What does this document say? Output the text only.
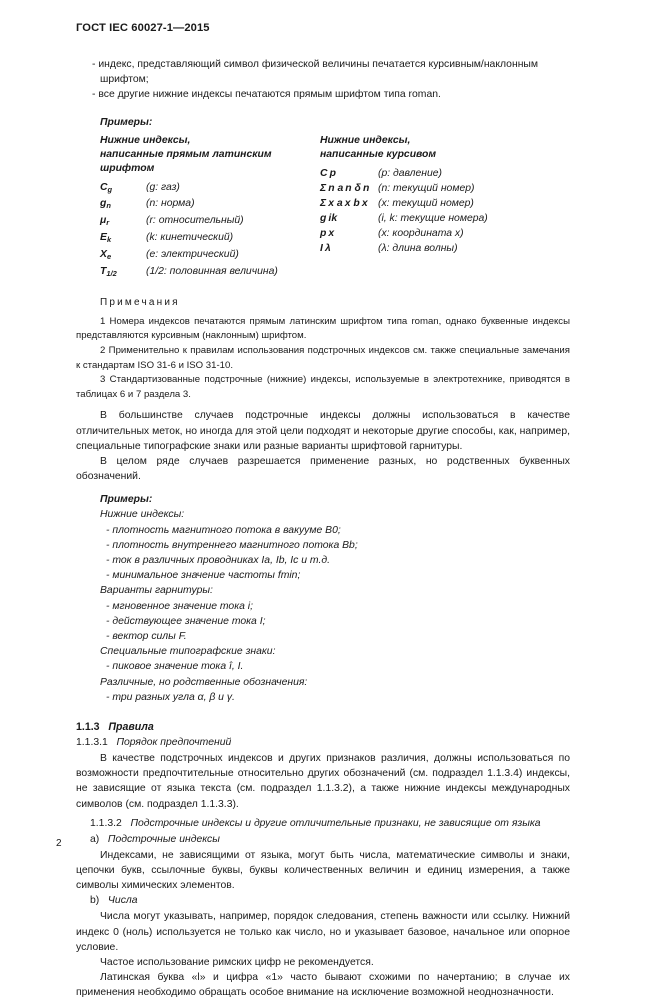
ГОСТ IEC 60027-1—2015

- индекс, представляющий символ физической величины печатается курсивным/наклонным шрифтом;

- все другие нижние индексы печатаются прямым шрифтом типа roman.

Примеры:

Нижние индексы,
написанные прямым латинским шрифтом
$C_g$	(g: газ)
$g_n$	(n: норма)
$\mu_r$	(r: относительный)
$E_k$	(k: кинетический)
$X_e$	(e: электрический)
$T_{1/2}$	(1/2: половинная величина)
Нижние индексы,
написанные курсивом
C p	(p: давление)
Σ n a n δ n (n: текущий номер)
Σ x a x b x (x: текущий номер)
g ik	(i, k: текущие номера)
p x	(x: координата x)
I λ	(λ: длина волны)

Примечания

1 Номера индексов печатаются прямым латинским шрифтом типа roman, однако буквенные индексы представляются курсивным (наклонным) шрифтом.

2 Применительно к правилам использования подстрочных индексов см. также специальные замечания к стандартам ISO 31-6 и ISO 31-10.

3 Стандартизованные подстрочные (нижние) индексы, используемые в электротехнике, приводятся в таблицах 6 и 7 раздела 3.

В большинстве случаев подстрочные индексы должны использоваться в качестве отличительных меток, но иногда для этой цели подходят и некоторые другие способы, как, например, специальные типографские знаки или разные варианты шрифтовой гарнитуры.

В целом ряде случаев разрешается применение разных, но родственных буквенных обозначений.

Примеры:

Нижние индексы:

- плотность магнитного потока в вакууме B0;

- плотность внутреннего магнитного потока Bb;

- ток в различных проводниках Ia, Ib, Ic и т.д.

- минимальное значение частоты fmin;

Варианты гарнитуры:

- мгновенное значение тока i;

- действующее значение тока I;

- вектор силы F.

Специальные типографские знаки:

- пиковое значение тока î, I.

Различные, но родственные обозначения:

- три разных угла α, β и γ.

1.1.3 Правила

1.1.3.1 Порядок предпочтений

В качестве подстрочных индексов и других признаков различия, должны использоваться по возможности предпочтительные относительно других обозначений (см. подраздел 1.1.3.4) индексы, не зависящие от языка текста (см. подраздел 1.1.3.2), а также нижние индексы международных символов (см. подраздел 1.1.3.3).

1.1.3.2 Подстрочные индексы и другие отличительные признаки, не зависящие от языка

a) Подстрочные индексы

Индексами, не зависящими от языка, могут быть числа, математические символы и знаки, цепочки букв, ссылочные буквы, буквы количественных величин и единиц измерения, а также символы химических элементов.

b) Числа

Числа могут указывать, например, порядок следования, степень важности или ссылку. Нижний индекс 0 (ноль) используется не только как число, но и указывает базовое, начальное или опорное условие.

Частое использование римских цифр не рекомендуется.

Латинская буква «l» и цифра «1» часто бывают схожими по начертанию; в случае их применения необходимо обращать особое внимание на исключение возможной неоднозначности.

2
